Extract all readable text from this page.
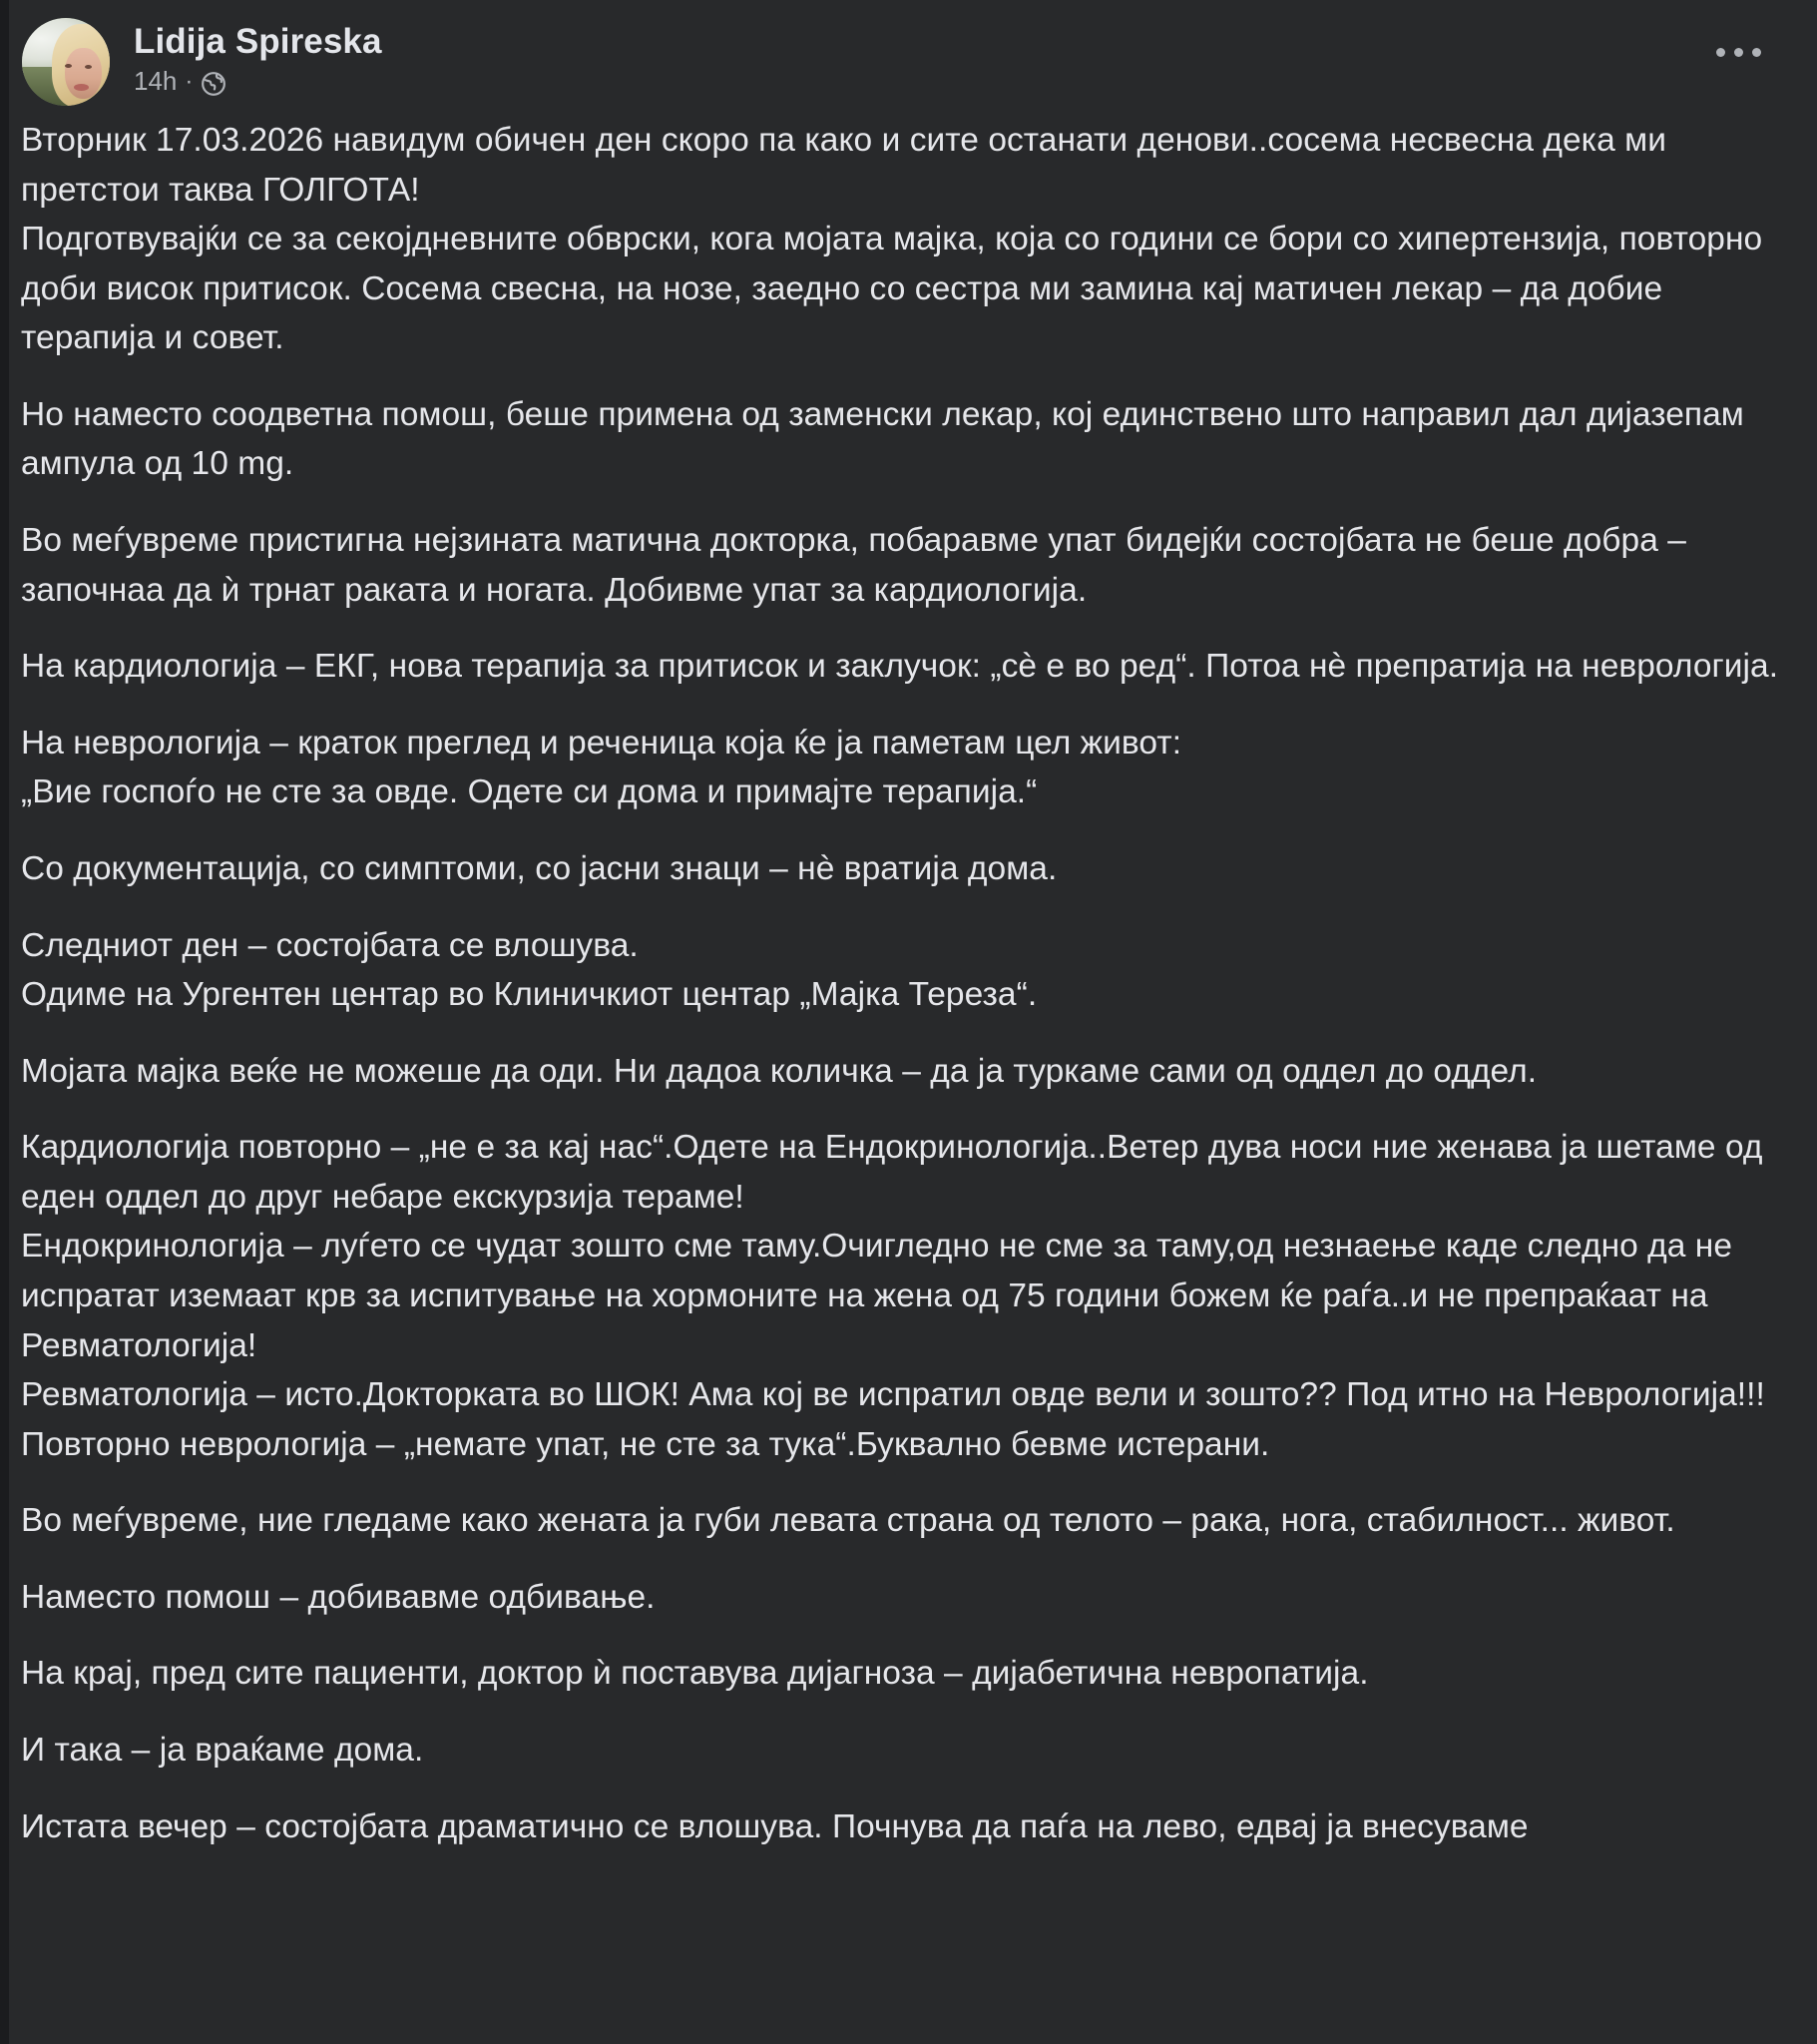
Lidija Spireska
14h ·

Вторник 17.03.2026 навидум обичен ден скоро па како и сите останати денови..сосема несвесна дека ми претстои таква ГОЛГОТА!
Подготвувајќи се за секојдневните обврски, кога мојата мајка, која со години се бори со хипертензија, повторно доби висок притисок. Сосема свесна, на нозе, заедно со сестра ми замина кај матичен лекар – да добие терапија и совет.

Но наместо соодветна помош, беше примена од заменски лекар, кој единствено што направил дал дијазепам ампула од 10 mg.

Во меѓувреме пристигна нејзината матична докторка, побаравме упат бидејќи состојбата не беше добра – започнаа да ѝ трнат раката и ногата. Добивме упат за кардиологија.

На кардиологија – ЕКГ, нова терапија за притисок и заклучок: „сè е во ред“. Потоа нè препратија на неврологија.

На неврологија – краток преглед и реченица која ќе ја паметам цел живот:
„Вие госпоѓо не сте за овде. Одете си дома и примајте терапија.“

Со документација, со симптоми, со јасни знаци – нè вратија дома.

Следниот ден – состојбата се влошува.
Одиме на Ургентен центар во Клиничкиот центар „Мајка Тереза“.

Мојата мајка веќе не можеше да оди. Ни дадоа количка – да ја туркаме сами од оддел до оддел.

Кардиологија повторно – „не е за кај нас“.Одете на Ендокринологија..Ветер дува носи ние женава ја шетаме од еден оддел до друг небаре екскурзија тераме!
Ендокринологија – луѓето се чудат зошто сме таму.Очигледно не сме за таму,од незнаење каде следно да не испратат иземаат крв за испитување на хормоните на жена од 75 години божем ќе раѓа..и не препраќаат на Ревматологија!
Ревматологија – исто.Докторката во ШОК! Ама кој ве испратил овде вели и зошто?? Под итно на Неврологија!!!
Повторно неврологија – „немате упат, не сте за тука“.Буквално бевме истерани.

Во меѓувреме, ние гледаме како жената ја губи левата страна од телото – рака, нога, стабилност... живот.

Наместо помош – добивавме одбивање.

На крај, пред сите пациенти, доктор ѝ поставува дијагноза – дијабетична невропатија.

И така – ја враќаме дома.

Истата вечер – состојбата драматично се влошува. Почнува да паѓа на лево, едвај ја внесуваме
